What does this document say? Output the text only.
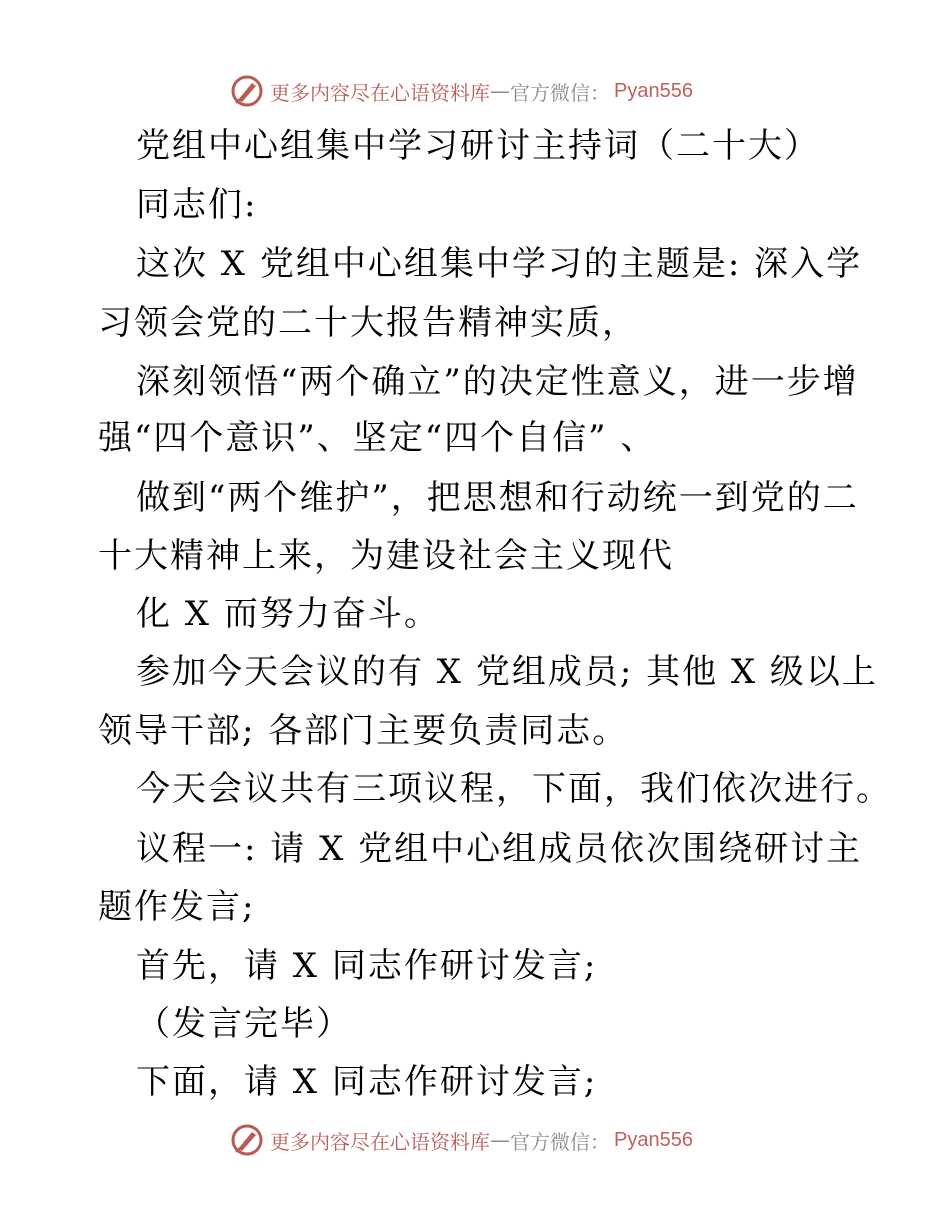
更多内容尽在心语资料库 — 官方微信： Pyan556
党组中心组集中学习研讨主持词（二十大）
同志们:
这次 X 党组中心组集中学习的主题是: 深入学
习领会党的二十大报告精神实质，
深刻领悟“两个确立”的决定性意义，进一步增
强“四个意识”、坚定“四个自信” 、
做到“两个维护”，把思想和行动统一到党的二
十大精神上来，为建设社会主义现代
化 X 而努力奋斗。
参加今天会议的有 X 党组成员; 其他 X 级以上
领导干部; 各部门主要负责同志。
今天会议共有三项议程，下面，我们依次进行。
议程一: 请 X 党组中心组成员依次围绕研讨主
题作发言;
首先，请 X 同志作研讨发言;
（发言完毕）
下面，请 X 同志作研讨发言;
更多内容尽在心语资料库 — 官方微信： Pyan556
